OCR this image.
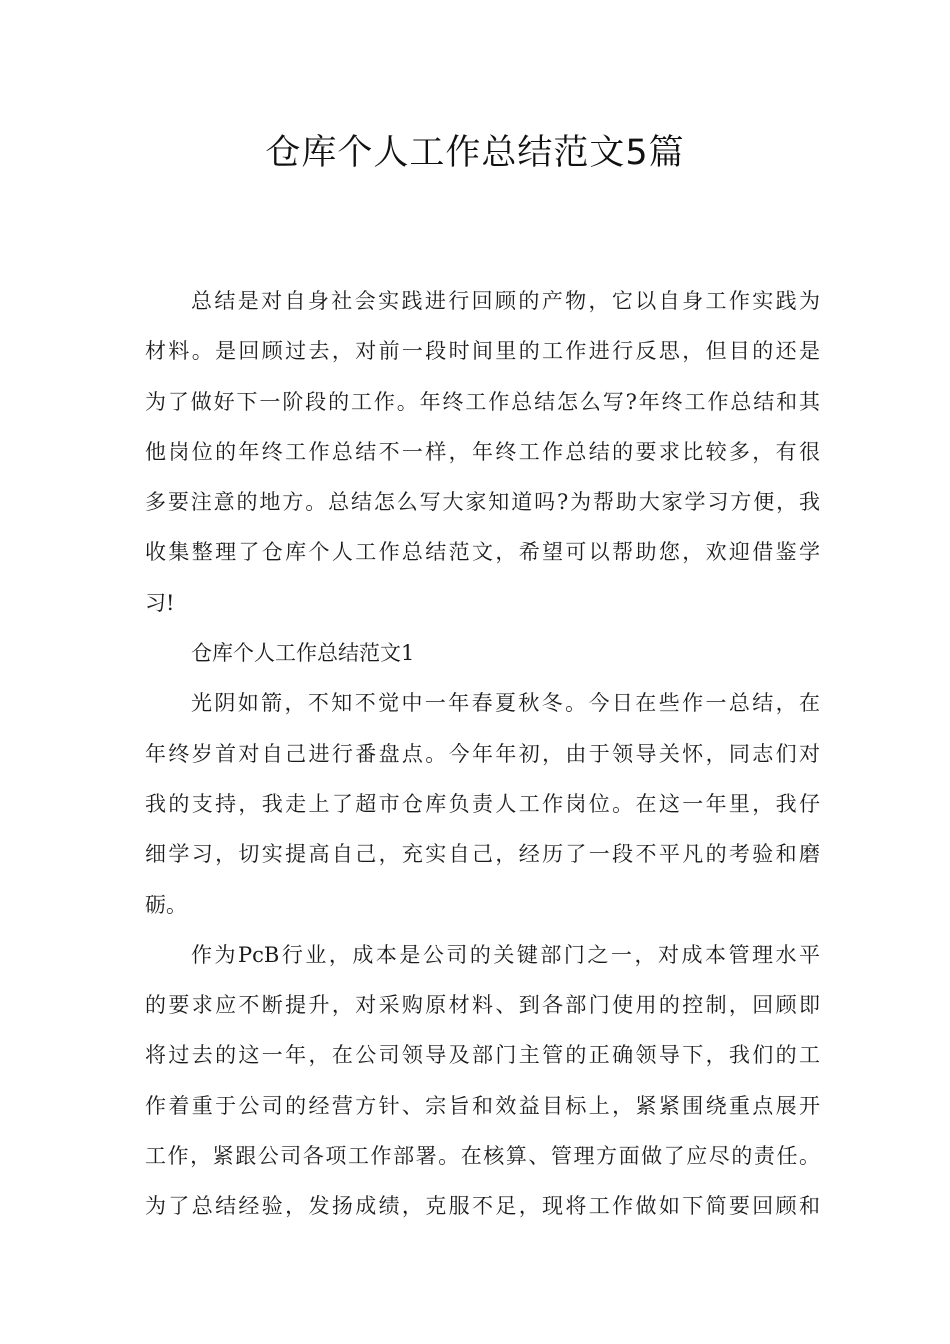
仓库个人工作总结范文5篇
总结是对自身社会实践进行回顾的产物，它以自身工作实践为
材料。是回顾过去，对前一段时间里的工作进行反思，但目的还是
为了做好下一阶段的工作。年终工作总结怎么写?年终工作总结和其
他岗位的年终工作总结不一样，年终工作总结的要求比较多，有很
多要注意的地方。总结怎么写大家知道吗?为帮助大家学习方便，我
收集整理了仓库个人工作总结范文，希望可以帮助您，欢迎借鉴学
习!
仓库个人工作总结范文1
光阴如箭，不知不觉中一年春夏秋冬。今日在些作一总结，在
年终岁首对自己进行番盘点。今年年初，由于领导关怀，同志们对
我的支持，我走上了超市仓库负责人工作岗位。在这一年里，我仔
细学习，切实提高自己，充实自己，经历了一段不平凡的考验和磨
砺。
作为PcB行业，成本是公司的关键部门之一，对成本管理水平
的要求应不断提升，对采购原材料、到各部门使用的控制，回顾即
将过去的这一年，在公司领导及部门主管的正确领导下，我们的工
作着重于公司的经营方针、宗旨和效益目标上，紧紧围绕重点展开
工作，紧跟公司各项工作部署。在核算、管理方面做了应尽的责任。
为了总结经验，发扬成绩，克服不足，现将工作做如下简要回顾和
